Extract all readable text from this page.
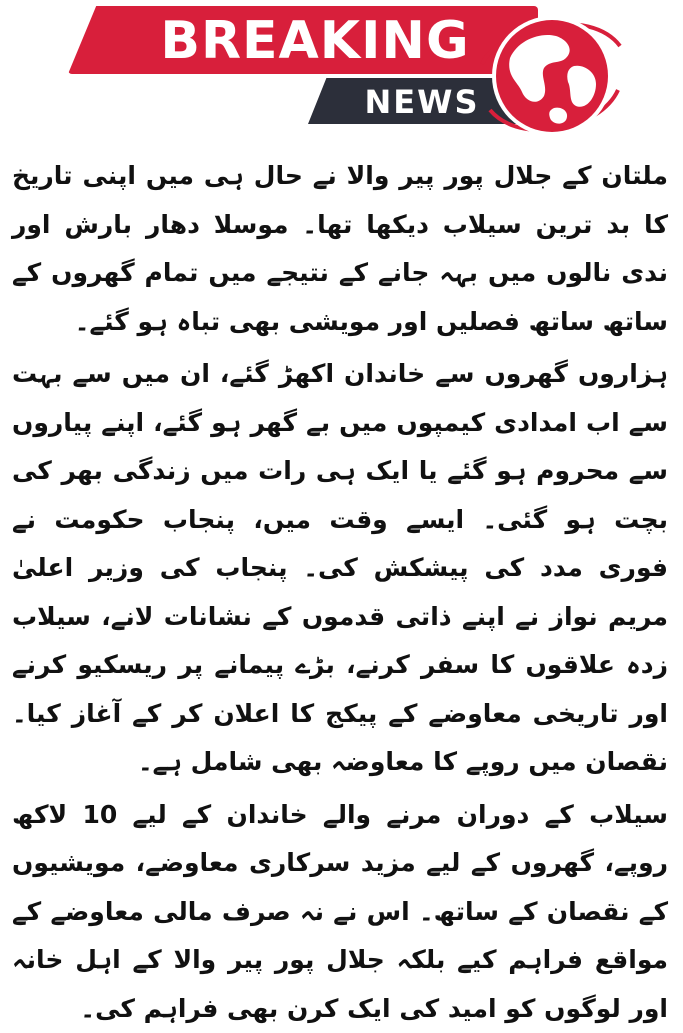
BREAKING
NEWS

ملتان کے جلال پور پیر والا نے حال ہی میں اپنی تاریخ کا بد ترین سیلاب دیکھا تھا۔ موسلا دھار بارش اور ندی نالوں میں بہہ جانے کے نتیجے میں تمام گھروں کے ساتھ ساتھ فصلیں اور مویشی بھی تباہ ہو گئے۔

ہزاروں گھروں سے خاندان اکھڑ گئے، ان میں سے بہت سے اب امدادی کیمپوں میں بے گھر ہو گئے، اپنے پیاروں سے محروم ہو گئے یا ایک ہی رات میں زندگی بھر کی بچت ہو گئی۔ ایسے وقت میں، پنجاب حکومت نے فوری مدد کی پیشکش کی۔ پنجاب کی وزیر اعلیٰ مریم نواز نے اپنے ذاتی قدموں کے نشانات لانے، سیلاب زدہ علاقوں کا سفر کرنے، بڑے پیمانے پر ریسکیو کرنے اور تاریخی معاوضے کے پیکج کا اعلان کر کے آغاز کیا۔ نقصان میں روپے کا معاوضہ بھی شامل ہے۔

سیلاب کے دوران مرنے والے خاندان کے لیے 10 لاکھ روپے، گھروں کے لیے مزید سرکاری معاوضے، مویشیوں کے نقصان کے ساتھ۔ اس نے نہ صرف مالی معاوضے کے مواقع فراہم کیے بلکہ جلال پور پیر والا کے اہل خانہ اور لوگوں کو امید کی ایک کرن بھی فراہم کی۔
